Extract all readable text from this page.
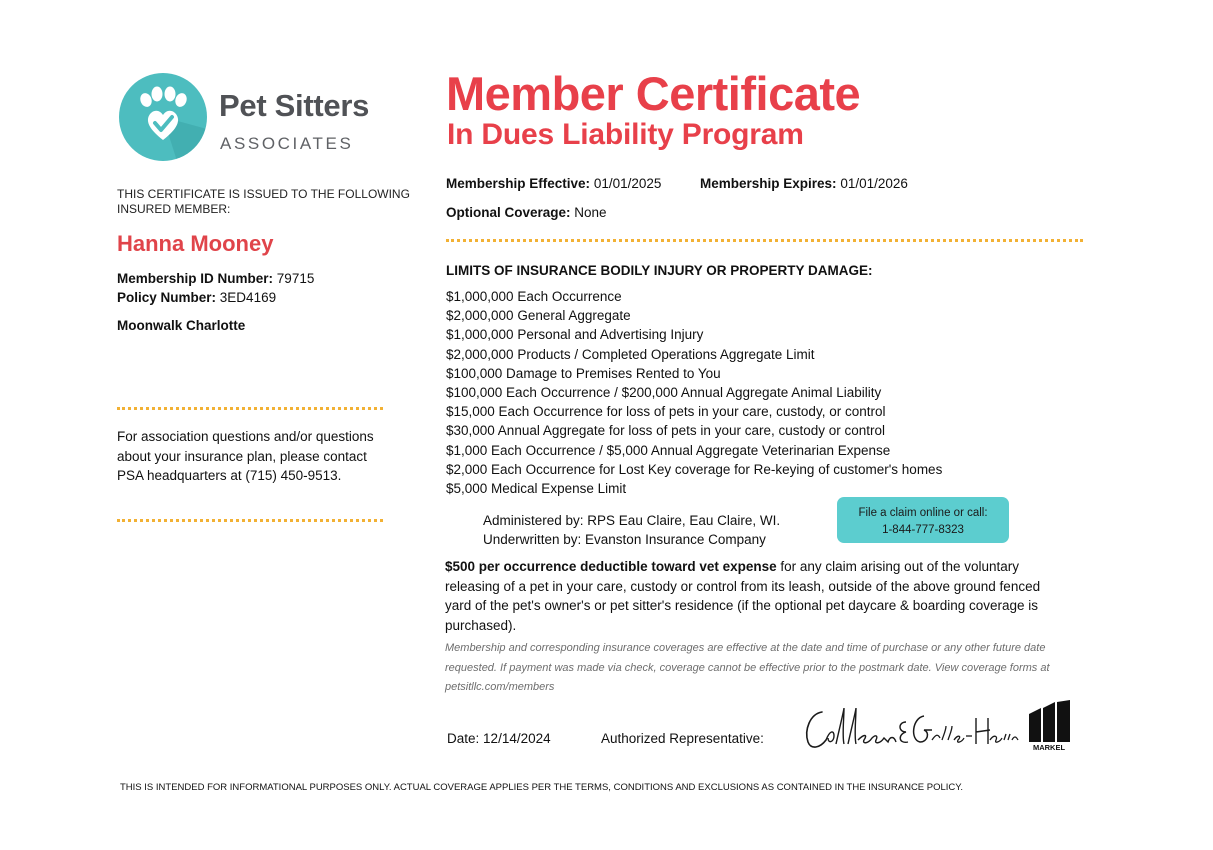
Pet Sitters
ASSOCIATES
THIS CERTIFICATE IS ISSUED TO THE FOLLOWING INSURED MEMBER:
Hanna Mooney
Membership ID Number: 79715
Policy Number: 3ED4169
Moonwalk Charlotte
For association questions and/or questions about your insurance plan, please contact PSA headquarters at (715) 450-9513.
Member Certificate
In Dues Liability Program
Membership Effective: 01/01/2025	Membership Expires: 01/01/2026
Optional Coverage: None
LIMITS OF INSURANCE BODILY INJURY OR PROPERTY DAMAGE:
$1,000,000 Each Occurrence
$2,000,000 General Aggregate
$1,000,000 Personal and Advertising Injury
$2,000,000 Products / Completed Operations Aggregate Limit
$100,000 Damage to Premises Rented to You
$100,000 Each Occurrence / $200,000 Annual Aggregate Animal Liability
$15,000 Each Occurrence for loss of pets in your care, custody, or control
$30,000 Annual Aggregate for loss of pets in your care, custody or control
$1,000 Each Occurrence / $5,000 Annual Aggregate Veterinarian Expense
$2,000 Each Occurrence for Lost Key coverage for Re-keying of customer's homes
$5,000 Medical Expense Limit
Administered by: RPS Eau Claire, Eau Claire, WI.
Underwritten by: Evanston Insurance Company
File a claim online or call:
1-844-777-8323
$500 per occurrence deductible toward vet expense for any claim arising out of the voluntary releasing of a pet in your care, custody or control from its leash, outside of the above ground fenced yard of the pet's owner's or pet sitter's residence (if the optional pet daycare & boarding coverage is purchased).
Membership and corresponding insurance coverages are effective at the date and time of purchase or any other future date requested. If payment was made via check, coverage cannot be effective prior to the postmark date. View coverage forms at petsitllc.com/members
Date: 12/14/2024	Authorized Representative:
MARKEL
THIS IS INTENDED FOR INFORMATIONAL PURPOSES ONLY. ACTUAL COVERAGE APPLIES PER THE TERMS, CONDITIONS AND EXCLUSIONS AS CONTAINED IN THE INSURANCE POLICY.
